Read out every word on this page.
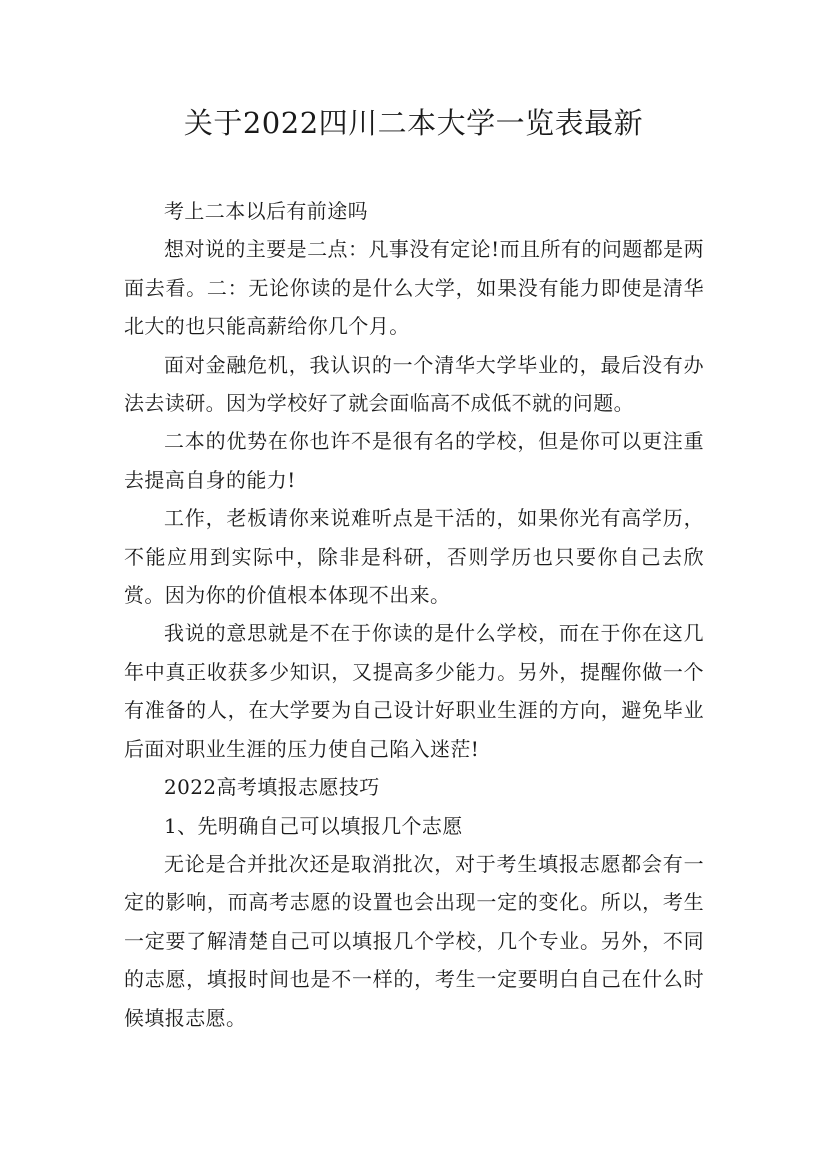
关于2022四川二本大学一览表最新

考上二本以后有前途吗

想对说的主要是二点：凡事没有定论!而且所有的问题都是两面去看。二：无论你读的是什么大学，如果没有能力即使是清华北大的也只能高薪给你几个月。

面对金融危机，我认识的一个清华大学毕业的，最后没有办法去读研。因为学校好了就会面临高不成低不就的问题。

二本的优势在你也许不是很有名的学校，但是你可以更注重去提高自身的能力!

工作，老板请你来说难听点是干活的，如果你光有高学历，不能应用到实际中，除非是科研，否则学历也只要你自己去欣赏。因为你的价值根本体现不出来。

我说的意思就是不在于你读的是什么学校，而在于你在这几年中真正收获多少知识，又提高多少能力。另外，提醒你做一个有准备的人，在大学要为自己设计好职业生涯的方向，避免毕业后面对职业生涯的压力使自己陷入迷茫!

2022高考填报志愿技巧

1、先明确自己可以填报几个志愿

无论是合并批次还是取消批次，对于考生填报志愿都会有一定的影响，而高考志愿的设置也会出现一定的变化。所以，考生一定要了解清楚自己可以填报几个学校，几个专业。另外，不同的志愿，填报时间也是不一样的，考生一定要明白自己在什么时候填报志愿。
